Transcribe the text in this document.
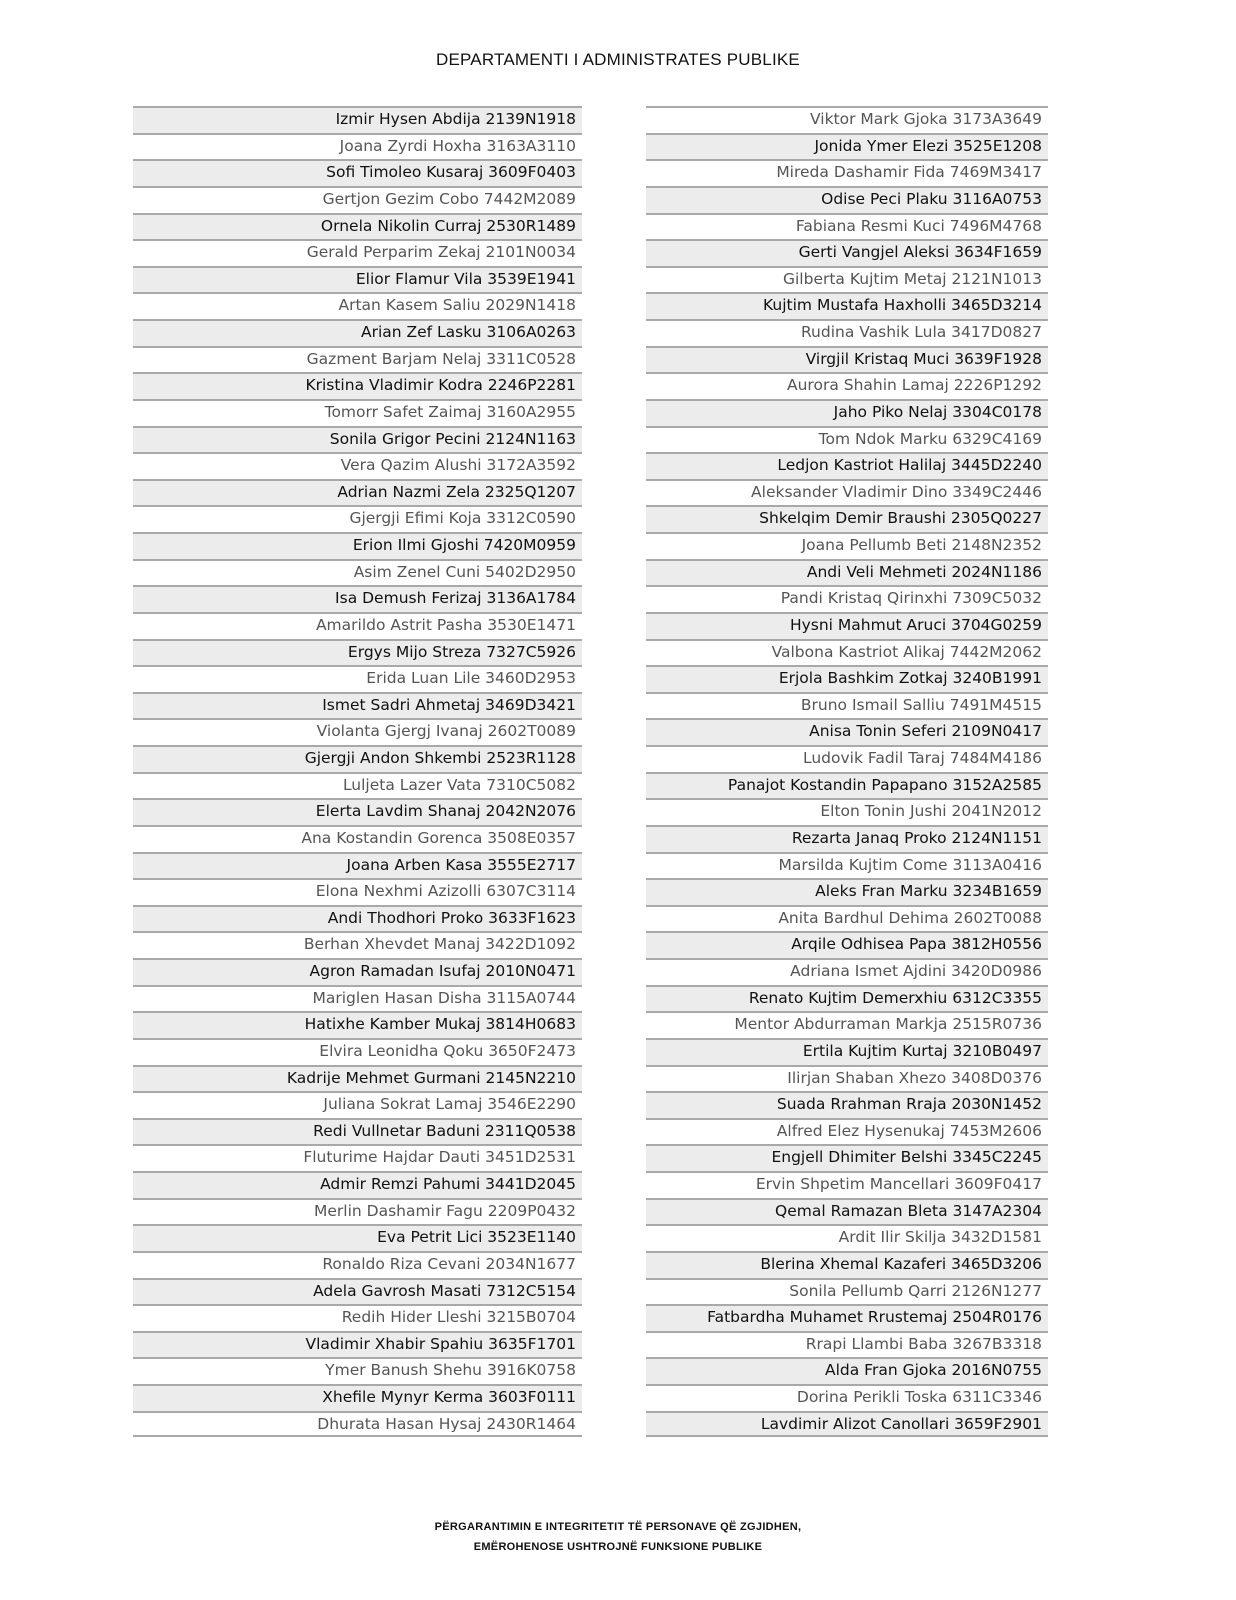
DEPARTAMENTI I ADMINISTRATES PUBLIKE
Izmir Hysen Abdija 2139N1918
Joana Zyrdi Hoxha 3163A3110
Sofi Timoleo Kusaraj 3609F0403
Gertjon Gezim Cobo 7442M2089
Ornela Nikolin Curraj 2530R1489
Gerald Perparim Zekaj 2101N0034
Elior Flamur Vila 3539E1941
Artan Kasem Saliu 2029N1418
Arian Zef Lasku 3106A0263
Gazment Barjam Nelaj 3311C0528
Kristina Vladimir Kodra 2246P2281
Tomorr Safet Zaimaj 3160A2955
Sonila Grigor Pecini 2124N1163
Vera Qazim Alushi 3172A3592
Adrian Nazmi Zela 2325Q1207
Gjergji Efimi Koja 3312C0590
Erion Ilmi Gjoshi 7420M0959
Asim Zenel Cuni 5402D2950
Isa Demush Ferizaj 3136A1784
Amarildo Astrit Pasha 3530E1471
Ergys Mijo Streza 7327C5926
Erida Luan Lile 3460D2953
Ismet Sadri Ahmetaj 3469D3421
Violanta Gjergj Ivanaj 2602T0089
Gjergji Andon Shkembi 2523R1128
Luljeta Lazer Vata 7310C5082
Elerta Lavdim Shanaj 2042N2076
Ana Kostandin Gorenca 3508E0357
Joana Arben Kasa 3555E2717
Elona Nexhmi Azizolli 6307C3114
Andi Thodhori Proko 3633F1623
Berhan Xhevdet Manaj 3422D1092
Agron Ramadan Isufaj 2010N0471
Mariglen Hasan Disha 3115A0744
Hatixhe Kamber Mukaj 3814H0683
Elvira Leonidha Qoku 3650F2473
Kadrije Mehmet Gurmani 2145N2210
Juliana Sokrat Lamaj 3546E2290
Redi Vullnetar Baduni 2311Q0538
Fluturime Hajdar Dauti 3451D2531
Admir Remzi Pahumi 3441D2045
Merlin Dashamir Fagu 2209P0432
Eva Petrit Lici 3523E1140
Ronaldo Riza Cevani 2034N1677
Adela Gavrosh Masati 7312C5154
Redih Hider Lleshi 3215B0704
Vladimir Xhabir Spahiu 3635F1701
Ymer Banush Shehu 3916K0758
Xhefile Mynyr Kerma 3603F0111
Dhurata Hasan Hysaj 2430R1464
Viktor Mark Gjoka 3173A3649
Jonida Ymer Elezi 3525E1208
Mireda Dashamir Fida 7469M3417
Odise Peci Plaku 3116A0753
Fabiana Resmi Kuci 7496M4768
Gerti Vangjel Aleksi 3634F1659
Gilberta Kujtim Metaj 2121N1013
Kujtim Mustafa Haxholli 3465D3214
Rudina Vashik Lula 3417D0827
Virgjil Kristaq Muci 3639F1928
Aurora Shahin Lamaj 2226P1292
Jaho Piko Nelaj 3304C0178
Tom Ndok Marku 6329C4169
Ledjon Kastriot Halilaj 3445D2240
Aleksander Vladimir Dino 3349C2446
Shkelqim Demir Braushi 2305Q0227
Joana Pellumb Beti 2148N2352
Andi Veli Mehmeti 2024N1186
Pandi Kristaq Qirinxhi 7309C5032
Hysni Mahmut Aruci 3704G0259
Valbona Kastriot Alikaj 7442M2062
Erjola Bashkim Zotkaj 3240B1991
Bruno Ismail Salliu 7491M4515
Anisa Tonin Seferi 2109N0417
Ludovik Fadil Taraj 7484M4186
Panajot Kostandin Papapano 3152A2585
Elton Tonin Jushi 2041N2012
Rezarta Janaq Proko 2124N1151
Marsilda Kujtim Come 3113A0416
Aleks Fran Marku 3234B1659
Anita Bardhul Dehima 2602T0088
Arqile Odhisea Papa 3812H0556
Adriana Ismet Ajdini 3420D0986
Renato Kujtim Demerxhiu 6312C3355
Mentor Abdurraman Markja 2515R0736
Ertila Kujtim Kurtaj 3210B0497
Ilirjan Shaban Xhezo 3408D0376
Suada Rrahman Rraja 2030N1452
Alfred Elez Hysenukaj 7453M2606
Engjell Dhimiter Belshi 3345C2245
Ervin Shpetim Mancellari 3609F0417
Qemal Ramazan Bleta 3147A2304
Ardit Ilir Skilja 3432D1581
Blerina Xhemal Kazaferi 3465D3206
Sonila Pellumb Qarri 2126N1277
Fatbardha Muhamet Rrustemaj 2504R0176
Rrapi Llambi Baba 3267B3318
Alda Fran Gjoka 2016N0755
Dorina Perikli Toska 6311C3346
Lavdimir Alizot Canollari 3659F2901
PËRGARANTIMIN E INTEGRITETIT TË PERSONAVE QË ZGJIDHEN,
EMËROHENOSE USHTROJNË FUNKSIONE PUBLIKE
